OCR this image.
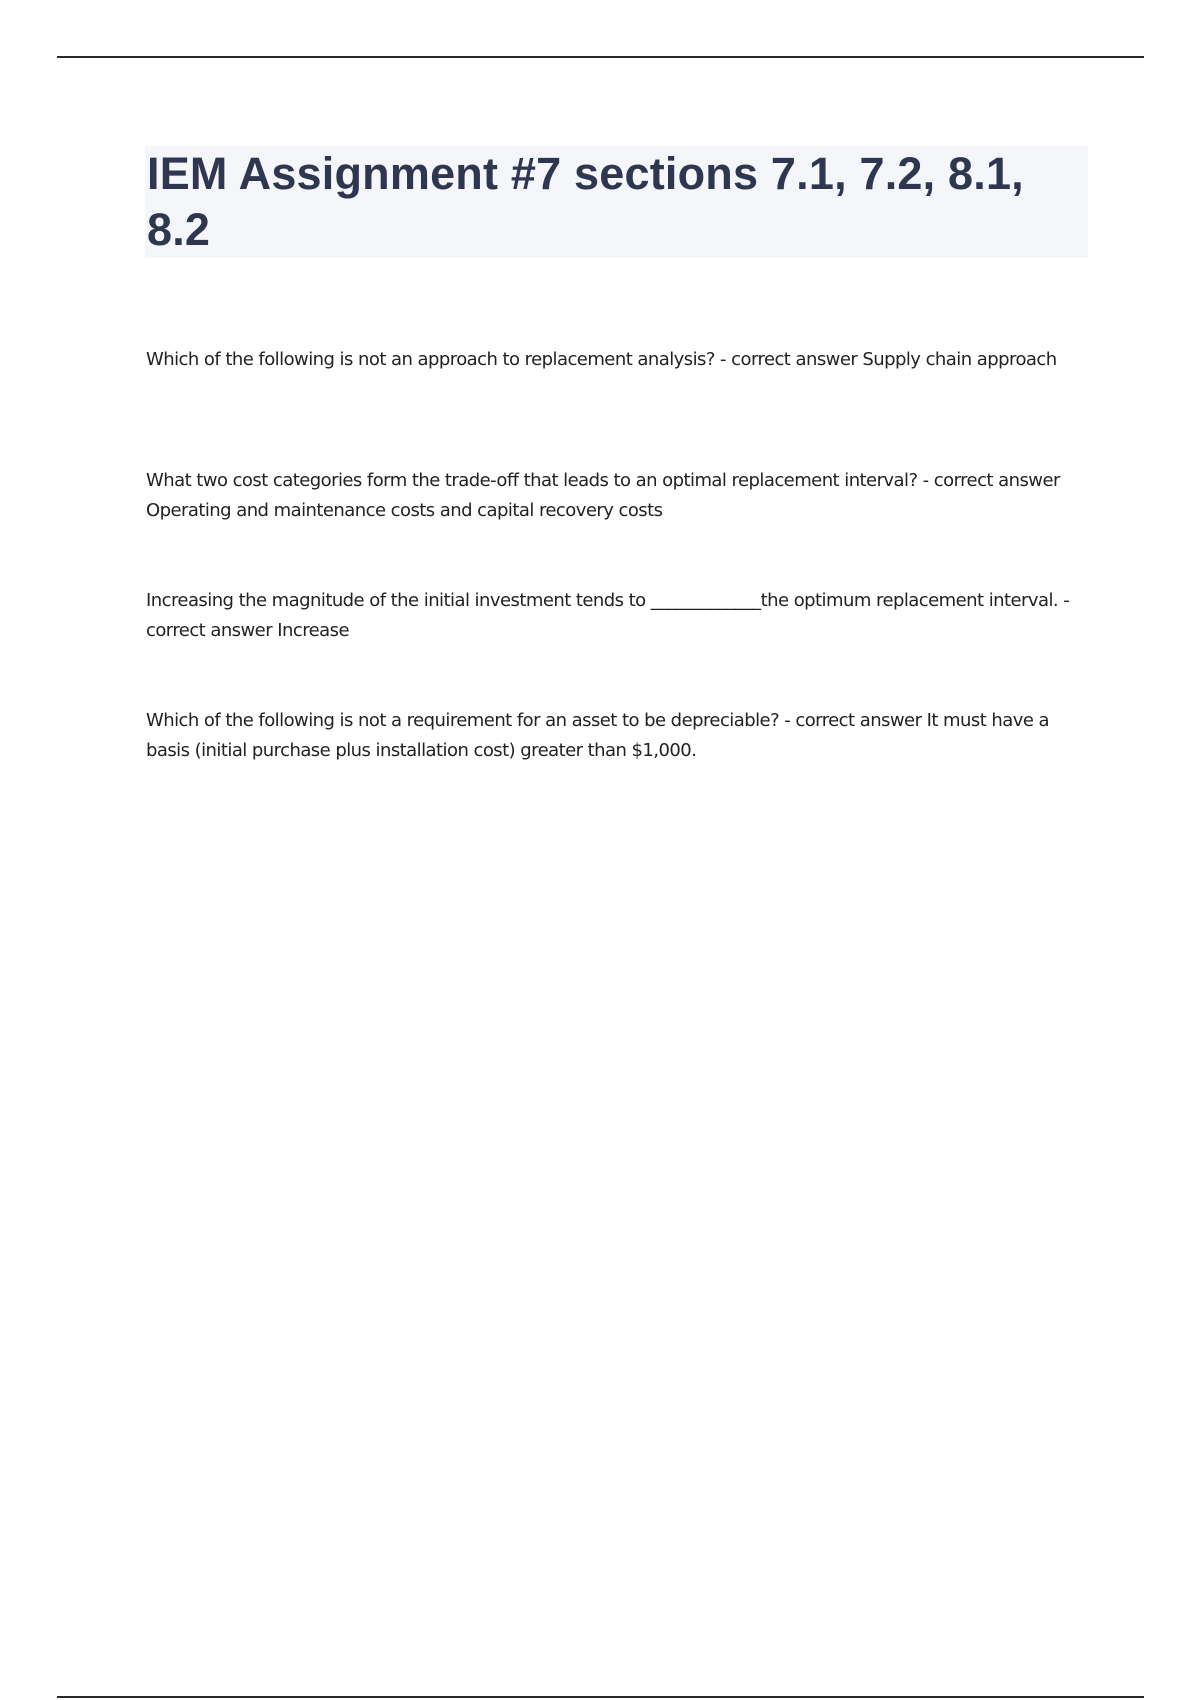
IEM Assignment #7 sections 7.1, 7.2, 8.1, 8.2

Which of the following is not an approach to replacement analysis? - correct answer Supply chain approach

What two cost categories form the trade-off that leads to an optimal replacement interval? - correct answer Operating and maintenance costs and capital recovery costs

Increasing the magnitude of the initial investment tends to _____________the optimum replacement interval. - correct answer Increase

Which of the following is not a requirement for an asset to be depreciable? - correct answer It must have a basis (initial purchase plus installation cost) greater than $1,000.
